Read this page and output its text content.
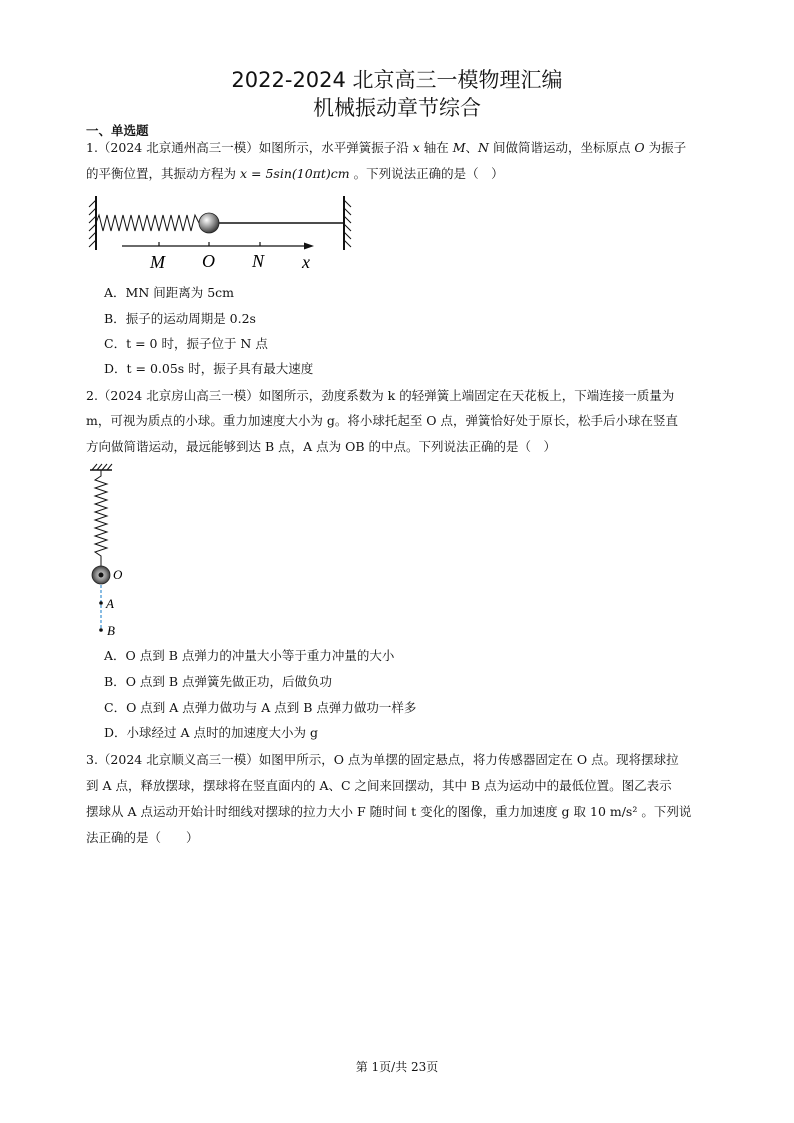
2022-2024 北京高三一模物理汇编
机械振动章节综合
一、单选题
1.（2024 北京通州高三一模）如图所示，水平弹簧振子沿 x 轴在 M、N 间做简谐运动，坐标原点 O 为振子
的平衡位置，其振动方程为 x = 5sin(10πt)cm 。下列说法正确的是（　）
M O N x
A．MN 间距离为 5cm
B．振子的运动周期是 0.2s
C．t = 0 时，振子位于 N 点
D．t = 0.05s 时，振子具有最大速度
2.（2024 北京房山高三一模）如图所示，劲度系数为 k 的轻弹簧上端固定在天花板上，下端连接一质量为
m，可视为质点的小球。重力加速度大小为 g。将小球托起至 O 点，弹簧恰好处于原长，松手后小球在竖直
方向做简谐运动，最远能够到达 B 点，A 点为 OB 的中点。下列说法正确的是（　）
O
A
B
A．O 点到 B 点弹力的冲量大小等于重力冲量的大小
B．O 点到 B 点弹簧先做正功，后做负功
C．O 点到 A 点弹力做功与 A 点到 B 点弹力做功一样多
D．小球经过 A 点时的加速度大小为 g
3.（2024 北京顺义高三一模）如图甲所示，O 点为单摆的固定悬点，将力传感器固定在 O 点。现将摆球拉
到 A 点，释放摆球，摆球将在竖直面内的 A、C 之间来回摆动，其中 B 点为运动中的最低位置。图乙表示
摆球从 A 点运动开始计时细线对摆球的拉力大小 F 随时间 t 变化的图像，重力加速度 g 取 10 m/s² 。下列说
法正确的是（　　）
第 1页/共 23页
